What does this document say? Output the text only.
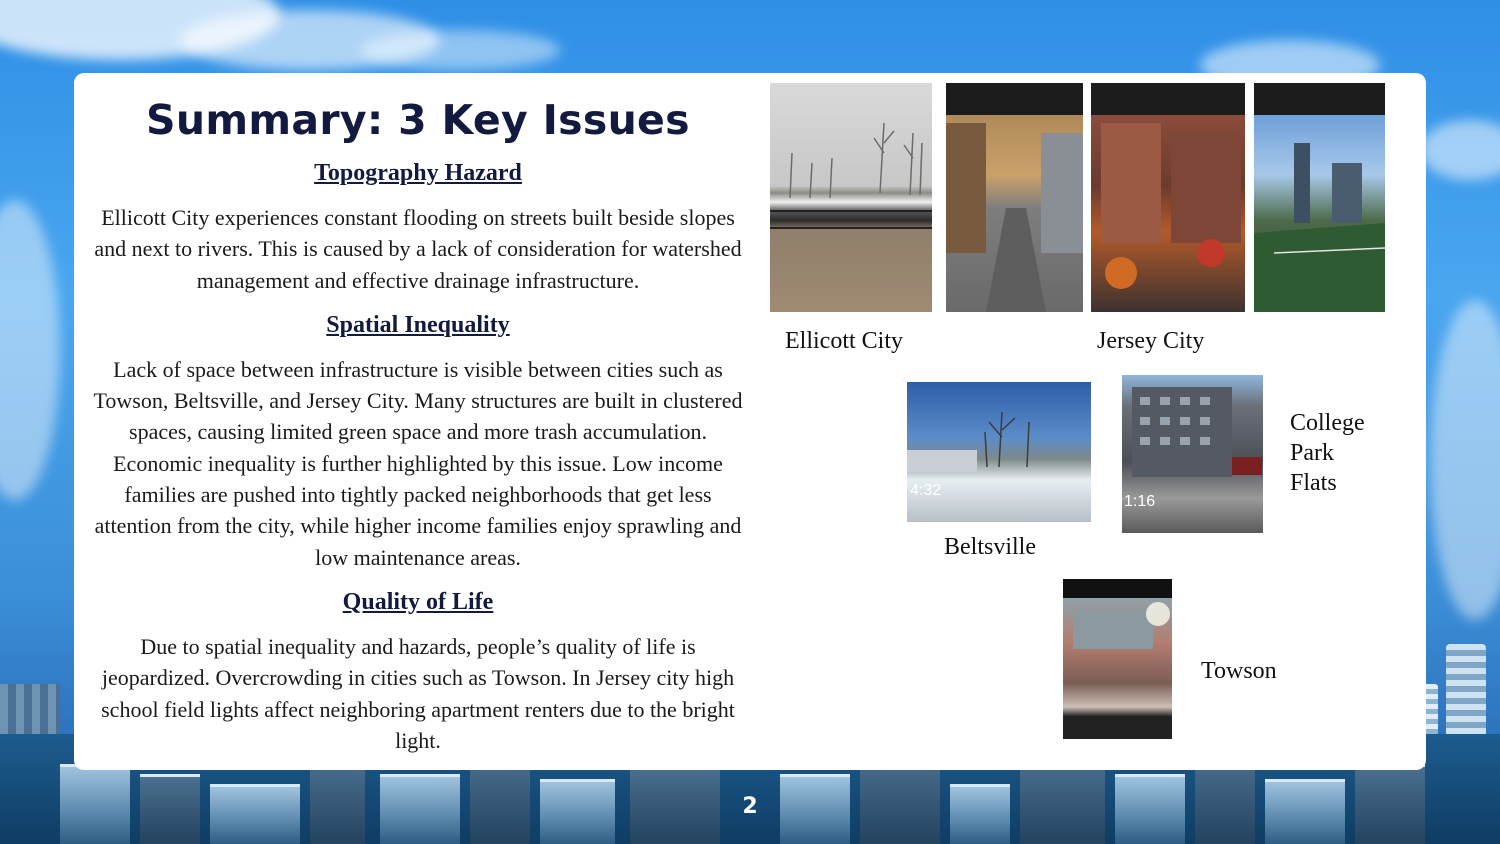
Summary: 3 Key Issues
Topography Hazard
Ellicott City experiences constant flooding on streets built beside slopes and next to rivers. This is caused by a lack of consideration for watershed management and effective drainage infrastructure.
Spatial Inequality
Lack of space between infrastructure is visible between cities such as Towson, Beltsville, and Jersey City. Many structures are built in clustered spaces, causing limited green space and more trash accumulation. Economic inequality is further highlighted by this issue. Low income families are pushed into tightly packed neighborhoods that get less attention from the city, while higher income families enjoy sprawling and low maintenance areas.
Quality of Life
Due to spatial inequality and hazards, people’s quality of life is jeopardized. Overcrowding in cities such as Towson. In Jersey city high school field lights affect neighboring apartment renters due to the bright light.
Ellicott City	Jersey City
4:32
Beltsville
1:16
College
Park
Flats
Towson
2
